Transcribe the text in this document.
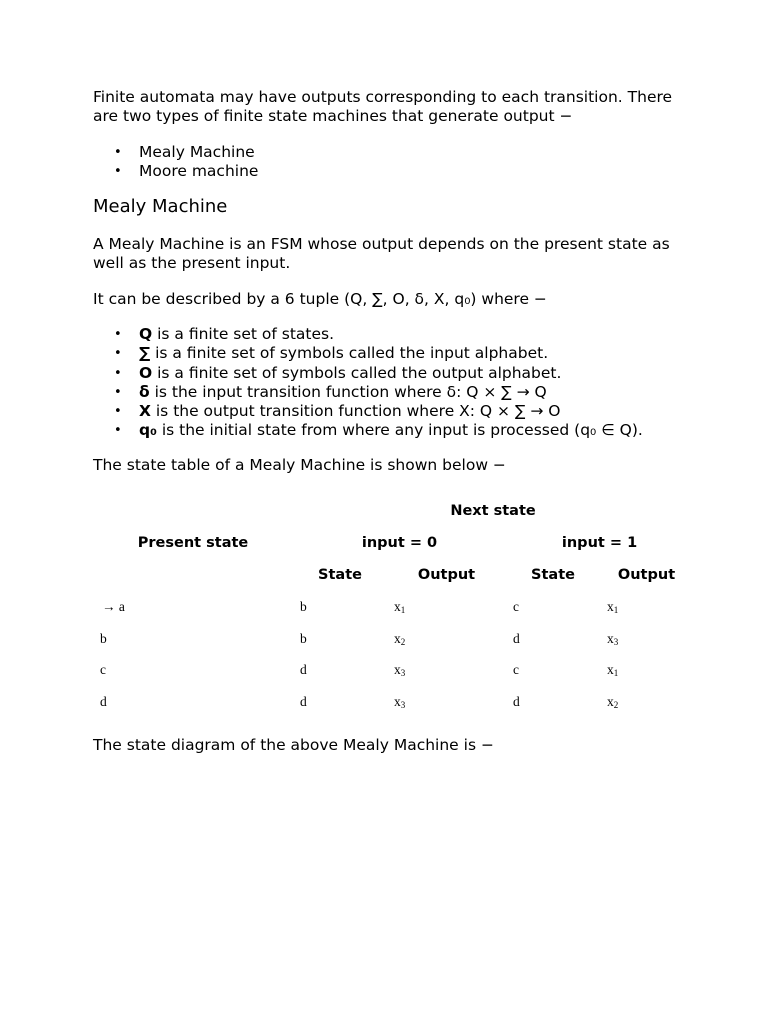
Finite automata may have outputs corresponding to each transition. There are two types of finite state machines that generate output −

• Mealy Machine
• Moore machine
Mealy Machine

A Mealy Machine is an FSM whose output depends on the present state as well as the present input.

It can be described by a 6 tuple (Q, ∑, O, δ, X, q₀) where −

• Q is a finite set of states.
• ∑ is a finite set of symbols called the input alphabet.
• O is a finite set of symbols called the output alphabet.
• δ is the input transition function where δ: Q × ∑ → Q
• X is the output transition function where X: Q × ∑ → O
• q₀ is the initial state from where any input is processed (q₀ ∈ Q).

The state table of a Mealy Machine is shown below −

	Next state			
Present state	input = 0		input = 1	
	State	Output	State	Output
→ a	b	$x_1$	c	$x_1$
b	b	$x_2$	d	$x_3$
c	d	$x_3$	c	$x_1$
d	d	$x_3$	d	$x_2$

The state diagram of the above Mealy Machine is −
